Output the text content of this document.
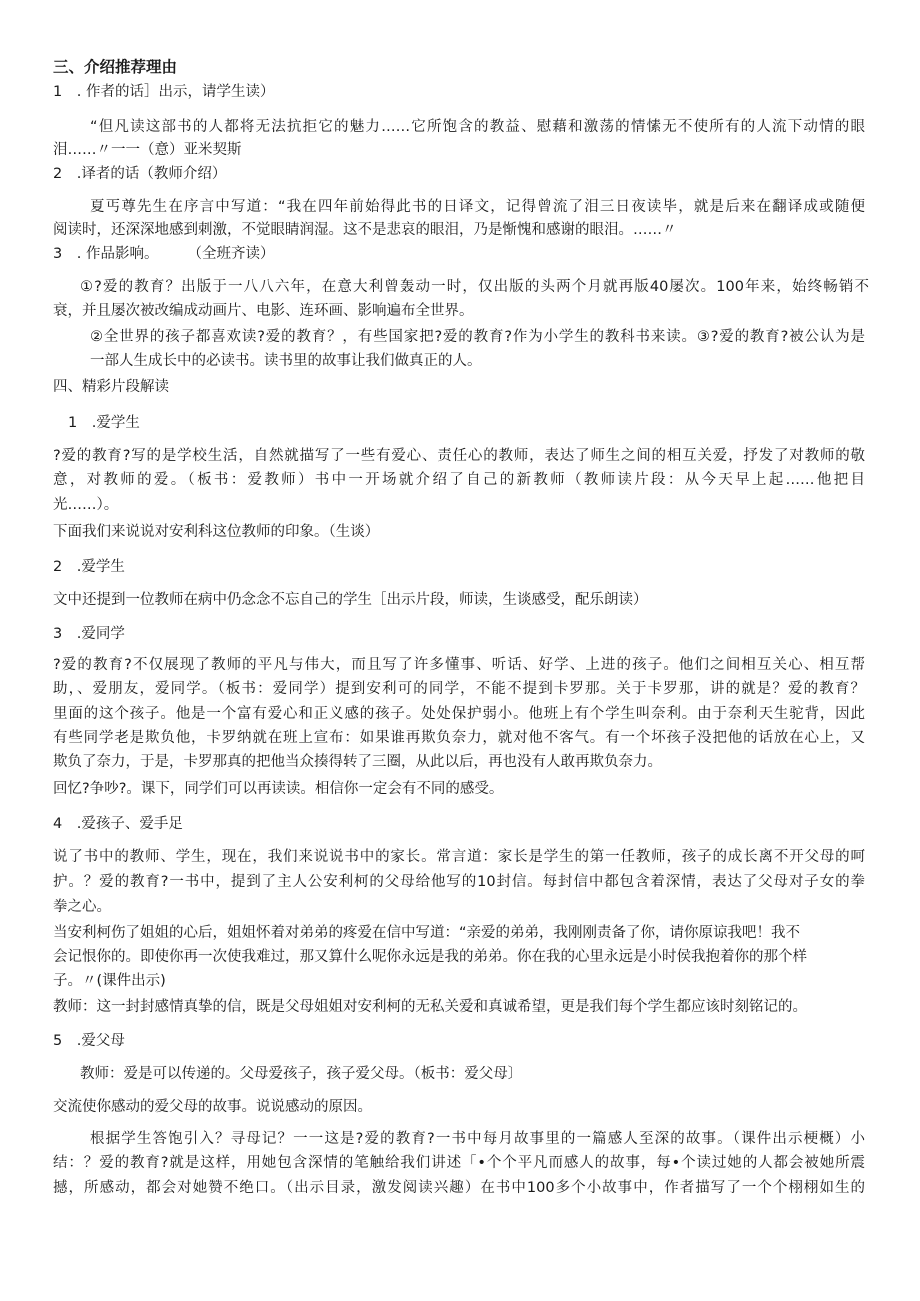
三、介绍推荐理由
1　. 作者的话］出示，请学生读）
“但凡读这部书的人都将无法抗拒它的魅力……它所饱含的教益、慰藉和激荡的情愫无不使所有的人流下动情的眼
泪……〃一一（意）亚米契斯
2　.译者的话（教师介绍）
夏丐尊先生在序言中写道：“我在四年前始得此书的日译文，记得曾流了泪三日夜读毕，就是后来在翻译成或随便
阅读时，还深深地感到刺激，不觉眼睛润湿。这不是悲哀的眼泪，乃是惭愧和感谢的眼泪。……〃
3　. 作品影响。　　　（全班齐读）
①?爱的教育？出版于一八八六年，在意大利曾轰动一时，仅出版的头两个月就再版40屡次。100年来，始终畅销不
衰，并且屡次被改编成动画片、电影、连环画、影响遍布全世界。
②全世界的孩子都喜欢读?爱的教育？，有些国家把?爱的教育?作为小学生的教科书来读。③?爱的教育?被公认为是
一部人生成长中的必读书。读书里的故事让我们做真正的人。
四、精彩片段解读
1　.爱学生
?爱的教育?写的是学校生活，自然就描写了一些有爱心、责任心的教师，表达了师生之间的相互关爱，抒发了对教师的敬
意，对教师的爱。（板书：爱教师）书中一开场就介绍了自己的新教师（教师读片段：从今天早上起……他把目
光……）。
下面我们来说说对安利科这位教师的印象。（生谈）
2　.爱学生
文中还提到一位教师在病中仍念念不忘自己的学生［出示片段，师读，生谈感受，配乐朗读）
3　.爱同学
?爱的教育?不仅展现了教师的平凡与伟大，而且写了许多懂事、听话、好学、上进的孩子。他们之间相互关心、相互帮
助，、爱朋友，爱同学。（板书：爱同学）提到安利可的同学，不能不提到卡罗那。关于卡罗那，讲的就是？爱的教育？
里面的这个孩子。他是一个富有爱心和正义感的孩子。处处保护弱小。他班上有个学生叫奈利。由于奈利天生驼背，因此
有些同学老是欺负他，卡罗纳就在班上宣布：如果谁再欺负奈力，就对他不客气。有一个坏孩子没把他的话放在心上，又
欺负了奈力，于是，卡罗那真的把他当众揍得转了三圈，从此以后，再也没有人敢再欺负奈力。
回忆?争吵?。课下，同学们可以再读读。相信你一定会有不同的感受。
4　.爱孩子、爱手足
说了书中的教师、学生，现在，我们来说说书中的家长。常言道：家长是学生的第一任教师，孩子的成长离不开父母的呵
护。？爱的教育?一书中，提到了主人公安利柯的父母给他写的10封信。每封信中都包含着深情，表达了父母对子女的拳
拳之心。
当安利柯伤了姐姐的心后，姐姐怀着对弟弟的疼爱在信中写道：“亲爱的弟弟，我刚刚责备了你，请你原谅我吧！我不
会记恨你的。即使你再一次使我难过，那又算什么呢你永远是我的弟弟。你在我的心里永远是小时侯我抱着你的那个样
子。〃(课件出示)
教师：这一封封感情真挚的信，既是父母姐姐对安利柯的无私关爱和真诚希望，更是我们每个学生都应该时刻铭记的。
5　.爱父母
教师：爱是可以传递的。父母爱孩子，孩子爱父母。（板书：爱父母〕
交流使你感动的爱父母的故事。说说感动的原因。
根据学生答饱引入？寻母记？一一这是?爱的教育?一书中每月故事里的一篇感人至深的故事。（课件出示梗概）小
结：？爱的教育?就是这样，用她包含深情的笔触给我们讲述「•个个平凡而感人的故事，每•个读过她的人都会被她所震
撼，所感动，都会对她赞不绝口。（出示目录，激发阅读兴趣）在书中100多个小故事中，作者描写了一个个栩栩如生的
